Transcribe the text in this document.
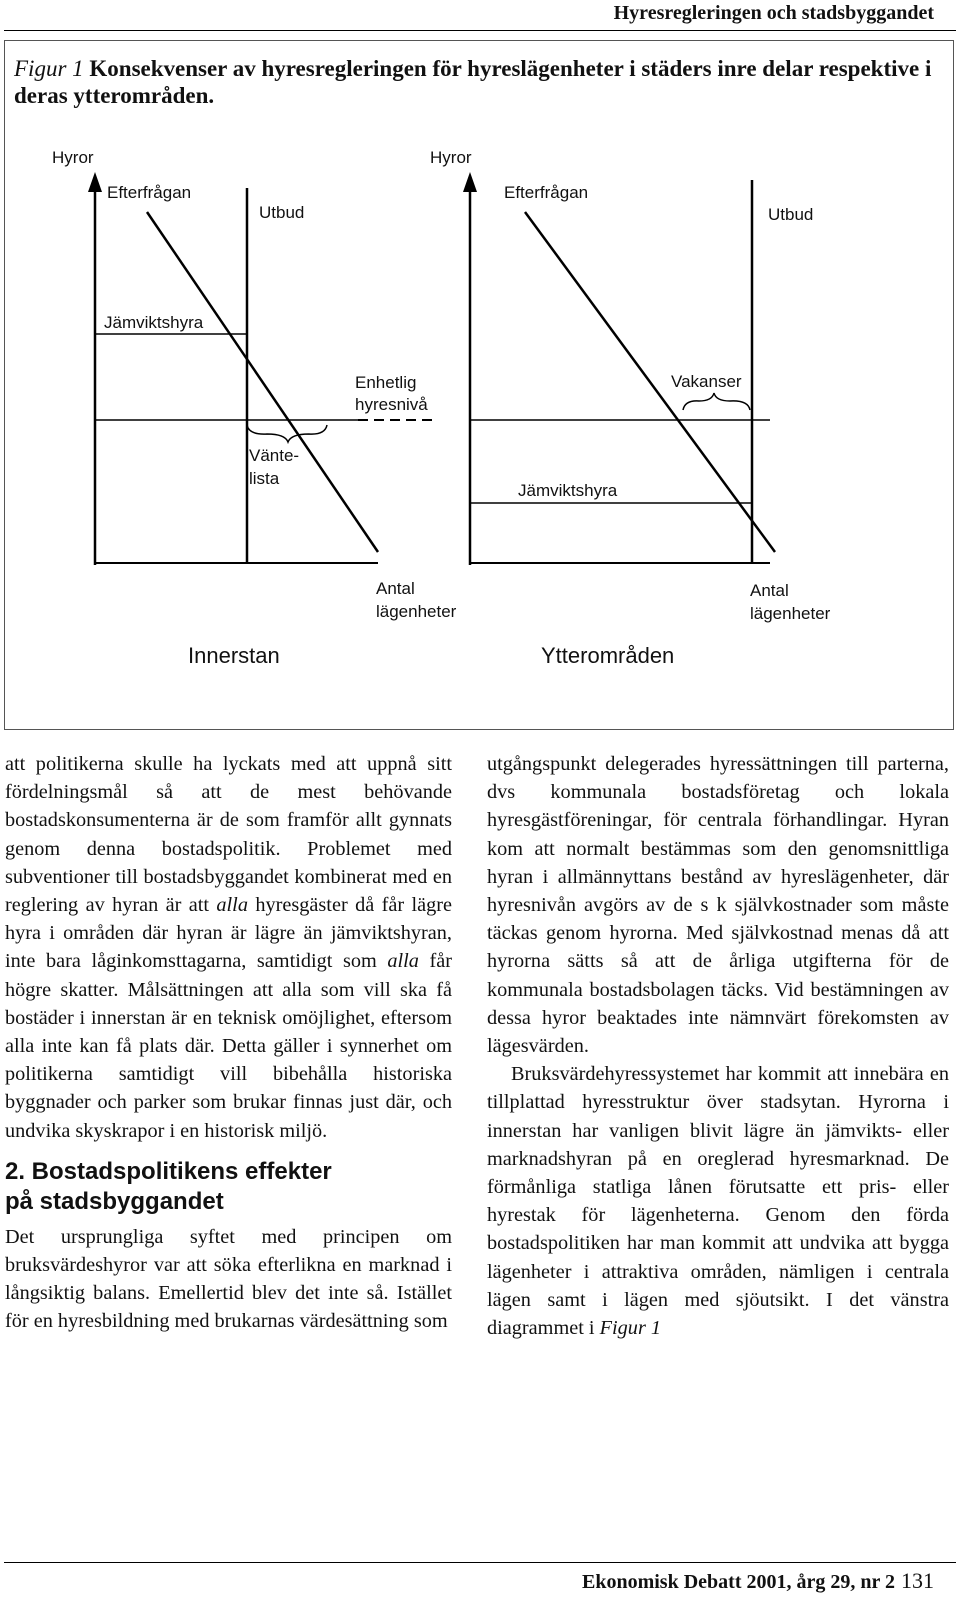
Hyresregleringen och stadsbyggandet
Figur 1 Konsekvenser av hyresregleringen för hyreslägenheter i städers inre delar respektive i deras ytterområden.
Hyror
Efterfrågan
Utbud
Jämviktshyra
Enhetlig
hyresnivå
Vänte-
lista
Antal
lägenheter
Innerstan
Hyror
Efterfrågan
Utbud
Vakanser
Jämviktshyra
Antal
lägenheter
Ytterområden

att politikerna skulle ha lyckats med att uppnå sitt fördelningsmål så att de mest behövande bostadskonsumenterna är de som framför allt gynnats genom denna bostadspolitik. Problemet med subventioner till bostadsbyggandet kombinerat med en reglering av hyran är att alla hyresgäster då får lägre hyra i områden där hyran är lägre än jämviktshyran, inte bara låginkomsttagarna, samtidigt som alla får högre skatter. Målsättningen att alla som vill ska få bostäder i innerstan är en teknisk omöjlighet, eftersom alla inte kan få plats där. Detta gäller i synnerhet om politikerna samtidigt vill bibehålla historiska byggnader och parker som brukar finnas just där, och undvika skyskrapor i en historisk miljö.

2. Bostadspolitikens effekter
på stadsbyggandet

Det ursprungliga syftet med principen om bruksvärdeshyror var att söka efterlikna en marknad i långsiktig balans. Emellertid blev det inte så. Istället för en hyresbildning med brukarnas värdesättning som

utgångspunkt delegerades hyressättningen till parterna, dvs kommunala bostadsföretag och lokala hyresgästföreningar, för centrala förhandlingar. Hyran kom att normalt bestämmas som den genomsnittliga hyran i allmännyttans bestånd av hyreslägenheter, där hyresnivån avgörs av de s k självkostnader som måste täckas genom hyrorna. Med självkostnad menas då att hyrorna sätts så att de årliga utgifterna för de kommunala bostadsbolagen täcks. Vid bestämningen av dessa hyror beaktades inte nämnvärt förekomsten av lägesvärden.

Bruksvärdehyressystemet har kommit att innebära en tillplattad hyresstruktur över stadsytan. Hyrorna i innerstan har vanligen blivit lägre än jämvikts- eller marknadshyran på en oreglerad hyresmarknad. De förmånliga statliga lånen förutsatte ett pris- eller hyrestak för lägenheterna. Genom den förda bostadspolitiken har man kommit att undvika att bygga lägenheter i attraktiva områden, nämligen i centrala lägen samt i lägen med sjöutsikt. I det vänstra diagrammet i Figur 1

Ekonomisk Debatt 2001, årg 29, nr 2 131
